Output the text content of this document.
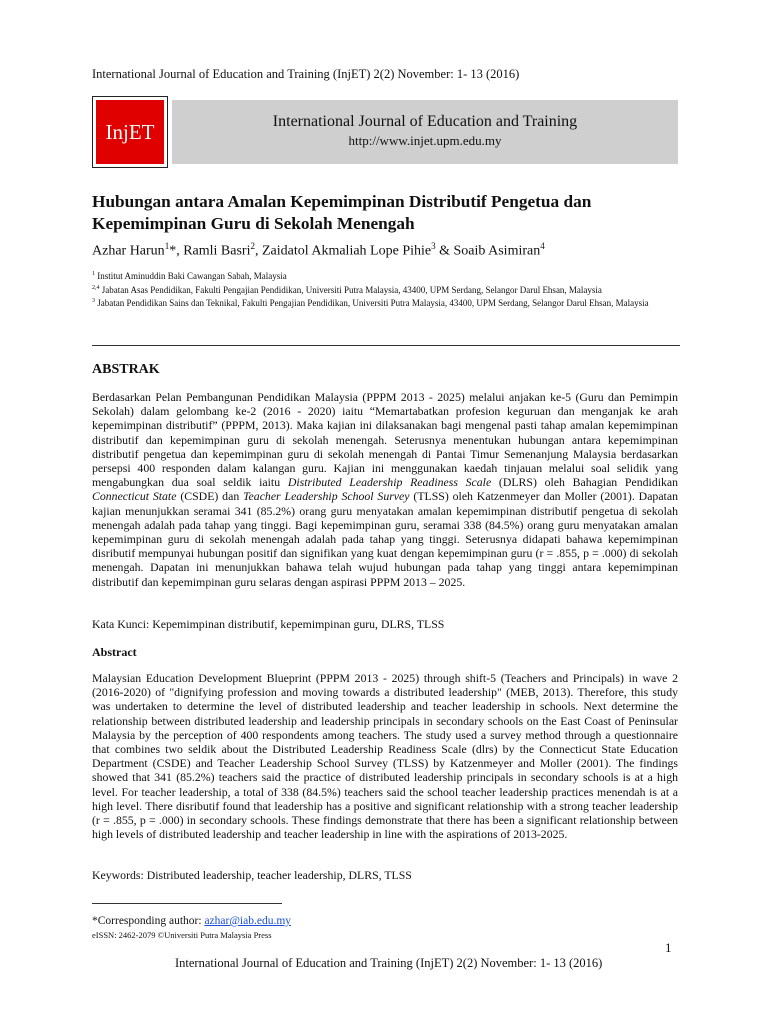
International Journal of Education and Training (InjET) 2(2) November: 1- 13 (2016)
InjET	International Journal of Education and Training
http://www.injet.upm.edu.my
Hubungan antara Amalan Kepemimpinan Distributif Pengetua dan
Kepemimpinan Guru di Sekolah Menengah
Azhar Harun$^1$*, Ramli Basri$^2$, Zaidatol Akmaliah Lope Pihie$^3$ & Soaib Asimiran$^4$
$^1$ Institut Aminuddin Baki Cawangan Sabah, Malaysia
$^{2,4}$ Jabatan Asas Pendidikan, Fakulti Pengajian Pendidikan, Universiti Putra Malaysia, 43400, UPM Serdang, Selangor Darul Ehsan, Malaysia
$^3$ Jabatan Pendidikan Sains dan Teknikal, Fakulti Pengajian Pendidikan, Universiti Putra Malaysia, 43400, UPM Serdang, Selangor Darul Ehsan, Malaysia
ABSTRAK

Berdasarkan Pelan Pembangunan Pendidikan Malaysia (PPPM 2013 - 2025) melalui anjakan ke-5 (Guru dan Pemimpin Sekolah) dalam gelombang ke-2 (2016 - 2020) iaitu “Memartabatkan profesion keguruan dan menganjak ke arah kepemimpinan distributif” (PPPM, 2013). Maka kajian ini dilaksanakan bagi mengenal pasti tahap amalan kepemimpinan distributif dan kepemimpinan guru di sekolah menengah. Seterusnya menentukan hubungan antara kepemimpinan distributif pengetua dan kepemimpinan guru di sekolah menengah di Pantai Timur Semenanjung Malaysia berdasarkan persepsi 400 responden dalam kalangan guru. Kajian ini menggunakan kaedah tinjauan melalui soal selidik yang mengabungkan dua soal seldik iaitu Distributed Leadership Readiness Scale (DLRS) oleh Bahagian Pendidikan Connecticut State (CSDE) dan Teacher Leadership School Survey (TLSS) oleh Katzenmeyer dan Moller (2001). Dapatan kajian menunjukkan seramai 341 (85.2%) orang guru menyatakan amalan kepemimpinan distributif pengetua di sekolah menengah adalah pada tahap yang tinggi. Bagi kepemimpinan guru, seramai 338 (84.5%) orang guru menyatakan amalan kepemimpinan guru di sekolah menengah adalah pada tahap yang tinggi. Seterusnya didapati bahawa kepemimpinan disributif mempunyai hubungan positif dan signifikan yang kuat dengan kepemimpinan guru (r = .855, p = .000) di sekolah menengah. Dapatan ini menunjukkan bahawa telah wujud hubungan pada tahap yang tinggi antara kepemimpinan distributif dan kepemimpinan guru selaras dengan aspirasi PPPM 2013 – 2025.

Kata Kunci: Kepemimpinan distributif, kepemimpinan guru, DLRS, TLSS
Abstract

Malaysian Education Development Blueprint (PPPM 2013 - 2025) through shift-5 (Teachers and Principals) in wave 2 (2016-2020) of "dignifying profession and moving towards a distributed leadership" (MEB, 2013). Therefore, this study was undertaken to determine the level of distributed leadership and teacher leadership in schools. Next determine the relationship between distributed leadership and leadership principals in secondary schools on the East Coast of Peninsular Malaysia by the perception of 400 respondents among teachers. The study used a survey method through a questionnaire that combines two seldik about the Distributed Leadership Readiness Scale (dlrs) by the Connecticut State Education Department (CSDE) and Teacher Leadership School Survey (TLSS) by Katzenmeyer and Moller (2001). The findings showed that 341 (85.2%) teachers said the practice of distributed leadership principals in secondary schools is at a high level. For teacher leadership, a total of 338 (84.5%) teachers said the school teacher leadership practices menendah is at a high level. There disributif found that leadership has a positive and significant relationship with a strong teacher leadership (r = .855, p = .000) in secondary schools. These findings demonstrate that there has been a significant relationship between high levels of distributed leadership and teacher leadership in line with the aspirations of 2013-2025.

Keywords: Distributed leadership, teacher leadership, DLRS, TLSS
*Corresponding author: azhar@iab.edu.my
eISSN: 2462-2079 ©Universiti Putra Malaysia Press
1
International Journal of Education and Training (InjET) 2(2) November: 1- 13 (2016)
